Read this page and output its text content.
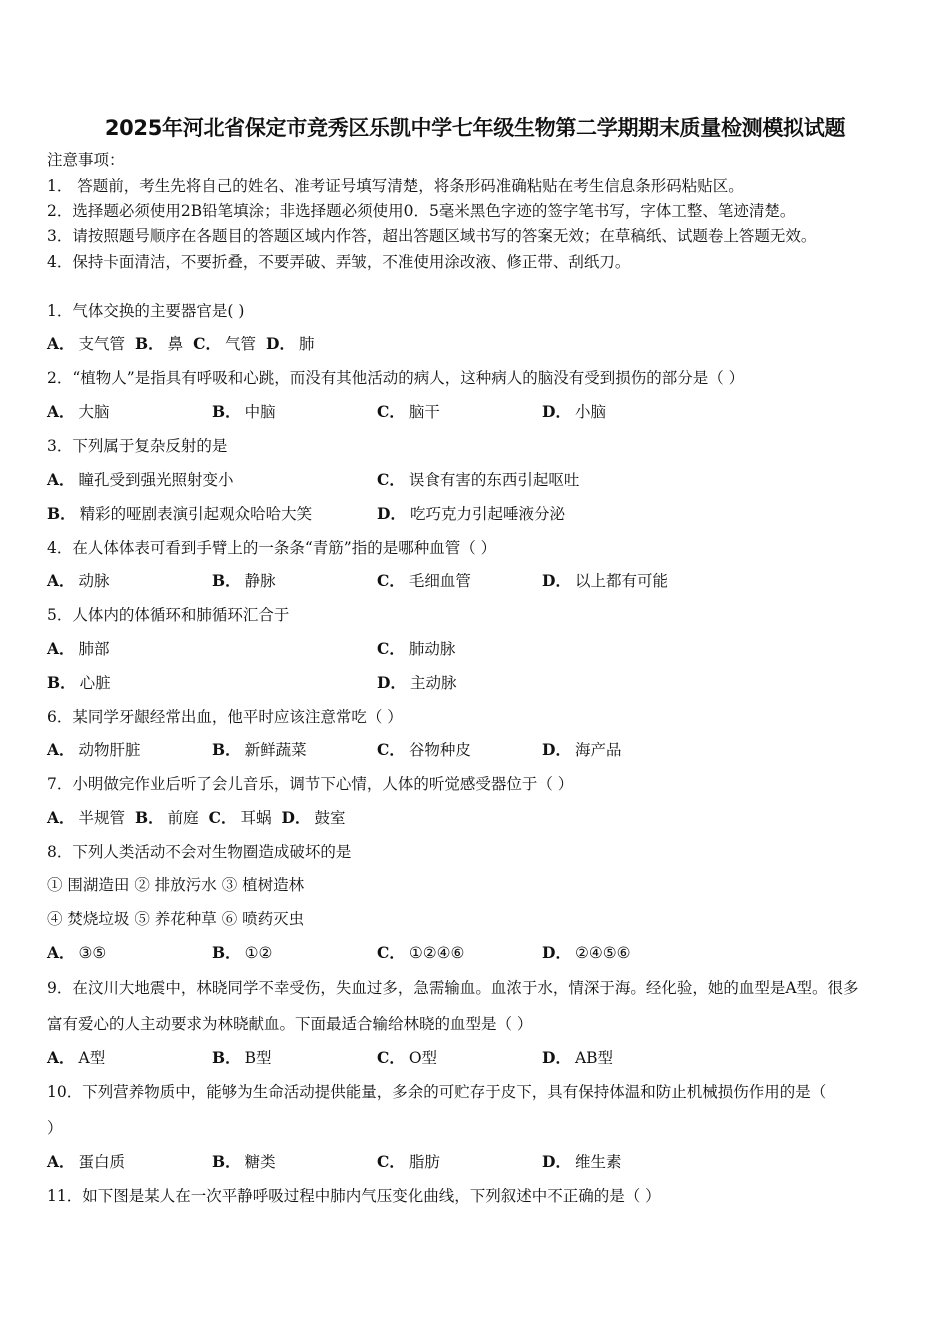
2025年河北省保定市竞秀区乐凯中学七年级生物第二学期期末质量检测模拟试题
注意事项：
1． 答题前，考生先将自己的姓名、准考证号填写清楚，将条形码准确粘贴在考生信息条形码粘贴区。
2．选择题必须使用2B铅笔填涂；非选择题必须使用0．5毫米黑色字迹的签字笔书写，字体工整、笔迹清楚。
3．请按照题号顺序在各题目的答题区域内作答，超出答题区域书写的答案无效；在草稿纸、试题卷上答题无效。
4．保持卡面清洁，不要折叠，不要弄破、弄皱，不准使用涂改液、修正带、刮纸刀。
1．气体交换的主要器官是( )
A． 支气管 B． 鼻 C． 气管 D． 肺
2．“植物人”是指具有呼吸和心跳，而没有其他活动的病人，这种病人的脑没有受到损伤的部分是（ ）
A． 大脑	B． 中脑	C． 脑干	D． 小脑
3．下列属于复杂反射的是
A． 瞳孔受到强光照射变小	C． 误食有害的东西引起呕吐
B． 精彩的哑剧表演引起观众哈哈大笑	D． 吃巧克力引起唾液分泌
4．在人体体表可看到手臂上的一条条“青筋”指的是哪种血管（ ）
A． 动脉	B． 静脉	C． 毛细血管	D． 以上都有可能
5．人体内的体循环和肺循环汇合于
A． 肺部	C． 肺动脉
B． 心脏	D． 主动脉
6．某同学牙龈经常出血，他平时应该注意常吃（ ）
A． 动物肝脏	B． 新鲜蔬菜	C． 谷物种皮	D． 海产品
7．小明做完作业后听了会儿音乐，调节下心情，人体的听觉感受器位于（ ）
A． 半规管 B． 前庭 C． 耳蜗 D． 鼓室
8．下列人类活动不会对生物圈造成破坏的是
① 围湖造田 ② 排放污水 ③ 植树造林
④ 焚烧垃圾 ⑤ 养花种草 ⑥ 喷药灭虫
A． ③⑤	B． ①②	C． ①②④⑥	D． ②④⑤⑥
9．在汶川大地震中，林晓同学不幸受伤，失血过多，急需输血。血浓于水，情深于海。经化验，她的血型是A型。很多
富有爱心的人主动要求为林晓献血。下面最适合输给林晓的血型是（ ）
A． A型	B． B型	C． O型	D． AB型
10．下列营养物质中，能够为生命活动提供能量，多余的可贮存于皮下，具有保持体温和防止机械损伤作用的是（
）
A． 蛋白质	B． 糖类	C． 脂肪	D． 维生素
11．如下图是某人在一次平静呼吸过程中肺内气压变化曲线，下列叙述中不正确的是（ ）
